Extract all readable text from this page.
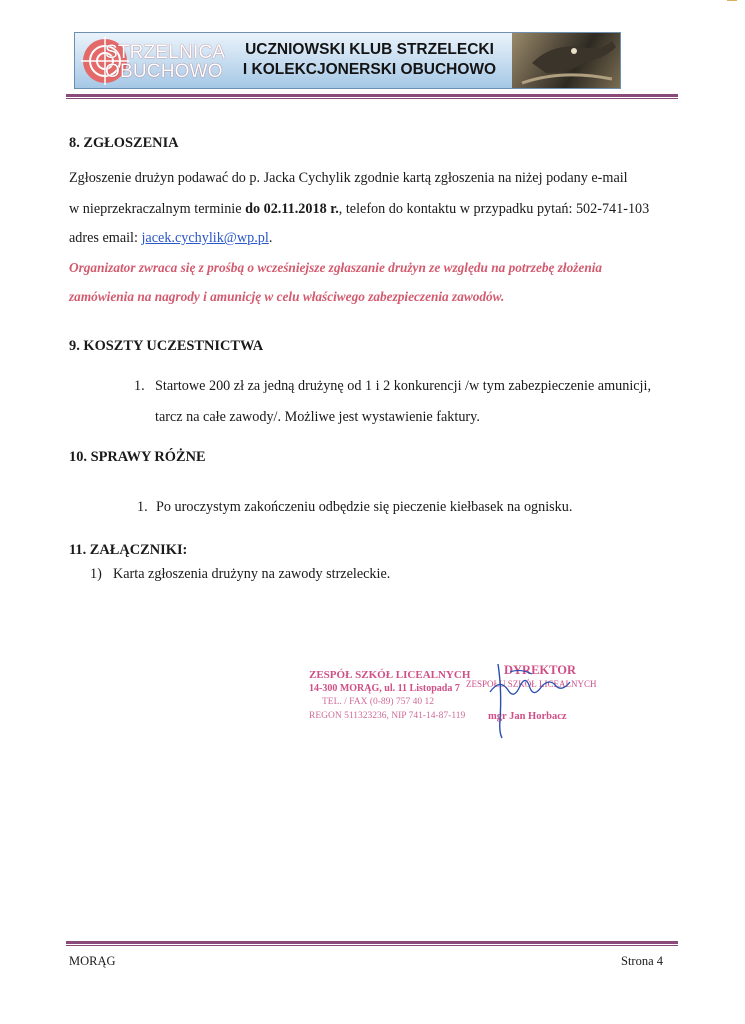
STRZELNICA
OBUCHOWO
UCZNIOWSKI KLUB STRZELECKI
I KOLEKCJONERSKI OBUCHOWO
8. ZGŁOSZENIA
Zgłoszenie drużyn podawać do p. Jacka Cychylik zgodnie kartą zgłoszenia na niżej podany e-mail
w nieprzekraczalnym terminie do 02.11.2018 r., telefon do kontaktu w przypadku pytań: 502-741-103
adres email: jacek.cychylik@wp.pl.
Organizator zwraca się z prośbą o wcześniejsze zgłaszanie drużyn ze względu na potrzebę złożenia
zamówienia na nagrody i amunicję w celu właściwego zabezpieczenia zawodów.
9. KOSZTY UCZESTNICTWA
1. Startowe 200 zł za jedną drużynę od 1 i 2 konkurencji /w tym zabezpieczenie amunicji,
tarcz na całe zawody/. Możliwe jest wystawienie faktury.
10. SPRAWY RÓŻNE
1. Po uroczystym zakończeniu odbędzie się pieczenie kiełbasek na ognisku.
11. ZAŁĄCZNIKI:
1) Karta zgłoszenia drużyny na zawody strzeleckie.
ZESPÓŁ SZKÓŁ LICEALNYCH
14-300 MORĄG, ul. 11 Listopada 7
TEL. / FAX (0-89) 757 40 12
REGON 511323236, NIP 741-14-87-119
DYREKTOR
ZESPOŁU SZKÓŁ LICEALNYCH
mgr Jan Horbacz
MORĄG	Strona 4
